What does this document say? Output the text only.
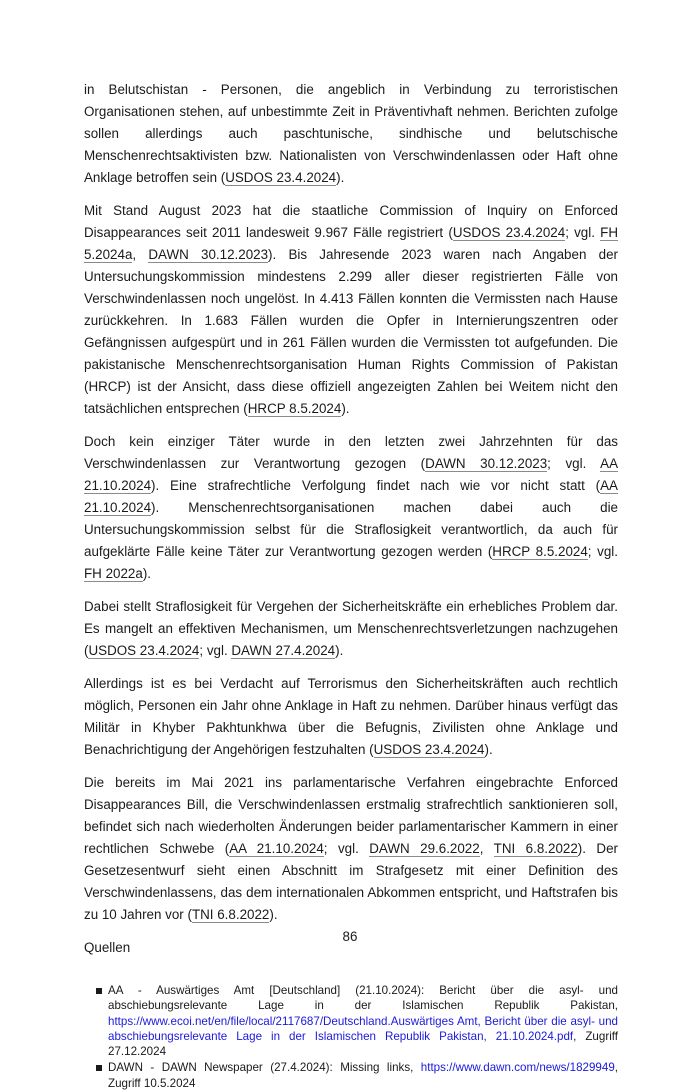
in Belutschistan - Personen, die angeblich in Verbindung zu terroristischen Organisationen stehen, auf unbestimmte Zeit in Präventivhaft nehmen. Berichten zufolge sollen allerdings auch paschtunische, sindhische und belutschische Menschenrechtsaktivisten bzw. Nationalisten von Verschwindenlassen oder Haft ohne Anklage betroffen sein (USDOS 23.4.2024).

Mit Stand August 2023 hat die staatliche Commission of Inquiry on Enforced Disappearances seit 2011 landesweit 9.967 Fälle registriert (USDOS 23.4.2024; vgl. FH 5.2024a, DAWN 30.12.2023). Bis Jahresende 2023 waren nach Angaben der Untersuchungskommission mindestens 2.299 aller dieser registrierten Fälle von Verschwindenlassen noch ungelöst. In 4.413 Fällen konnten die Vermissten nach Hause zurückkehren. In 1.683 Fällen wurden die Opfer in Internierungszentren oder Gefängnissen aufgespürt und in 261 Fällen wurden die Vermissten tot aufgefunden. Die pakistanische Menschenrechtsorganisation Human Rights Commission of Pakistan (HRCP) ist der Ansicht, dass diese offiziell angezeigten Zahlen bei Weitem nicht den tatsächlichen entsprechen (HRCP 8.5.2024).

Doch kein einziger Täter wurde in den letzten zwei Jahrzehnten für das Verschwindenlassen zur Verantwortung gezogen (DAWN 30.12.2023; vgl. AA 21.10.2024). Eine strafrechtliche Verfolgung findet nach wie vor nicht statt (AA 21.10.2024). Menschenrechtsorganisationen machen dabei auch die Untersuchungskommission selbst für die Straflosigkeit verantwortlich, da auch für aufgeklärte Fälle keine Täter zur Verantwortung gezogen werden (HRCP 8.5.2024; vgl. FH 2022a).

Dabei stellt Straflosigkeit für Vergehen der Sicherheitskräfte ein erhebliches Problem dar. Es mangelt an effektiven Mechanismen, um Menschenrechtsverletzungen nachzugehen (USDOS 23.4.2024; vgl. DAWN 27.4.2024).

Allerdings ist es bei Verdacht auf Terrorismus den Sicherheitskräften auch rechtlich möglich, Personen ein Jahr ohne Anklage in Haft zu nehmen. Darüber hinaus verfügt das Militär in Khyber Pakhtunkhwa über die Befugnis, Zivilisten ohne Anklage und Benachrichtigung der Angehörigen festzuhalten (USDOS 23.4.2024).

Die bereits im Mai 2021 ins parlamentarische Verfahren eingebrachte Enforced Disappearances Bill, die Verschwindenlassen erstmalig strafrechtlich sanktionieren soll, befindet sich nach wiederholten Änderungen beider parlamentarischer Kammern in einer rechtlichen Schwebe (AA 21.10.2024; vgl. DAWN 29.6.2022, TNI 6.8.2022). Der Gesetzesentwurf sieht einen Abschnitt im Strafgesetz mit einer Definition des Verschwindenlassens, das dem internationalen Abkommen entspricht, und Haftstrafen bis zu 10 Jahren vor (TNI 6.8.2022).

Quellen
AA - Auswärtiges Amt [Deutschland] (21.10.2024): Bericht über die asyl- und abschiebungsrelevante Lage in der Islamischen Republik Pakistan, https://www.ecoi.net/en/file/local/2117687/Deutschland.Auswärtiges Amt, Bericht über die asyl- und abschiebungsrelevante Lage in der Islamischen Republik Pakistan, 21.10.2024.pdf, Zugriff 27.12.2024
DAWN - DAWN Newspaper (27.4.2024): Missing links, https://www.dawn.com/news/1829949, Zugriff 10.5.2024
86
